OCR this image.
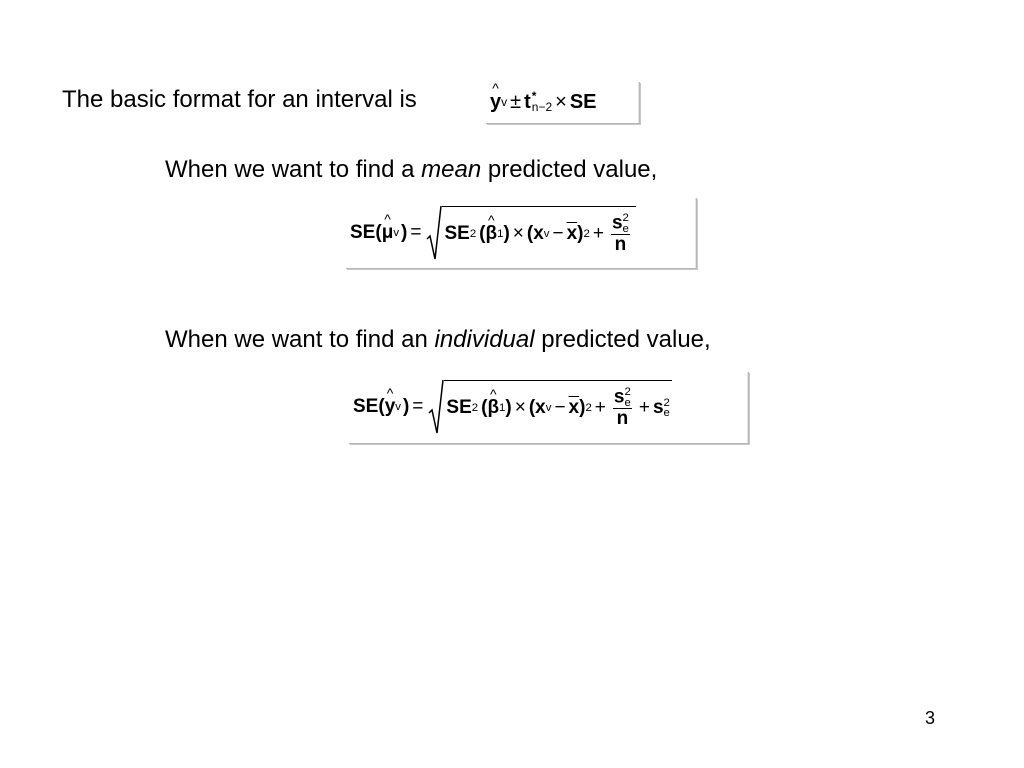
The basic format for an interval is	^ y v ± t *
n−2 × SE
When we want to find a mean predicted value,
SE( ^ μ v ) = SE 2 ( ^ β 1 ) × (x $v - \overline{x}$ ) 2 + s 2
e
n
When we want to find an individual predicted value,
SE( ^ y v ) = SE 2 ( ^ β 1 ) × (x $v - \overline{x}$ ) 2 + s 2
e
n + s 2
e
3
